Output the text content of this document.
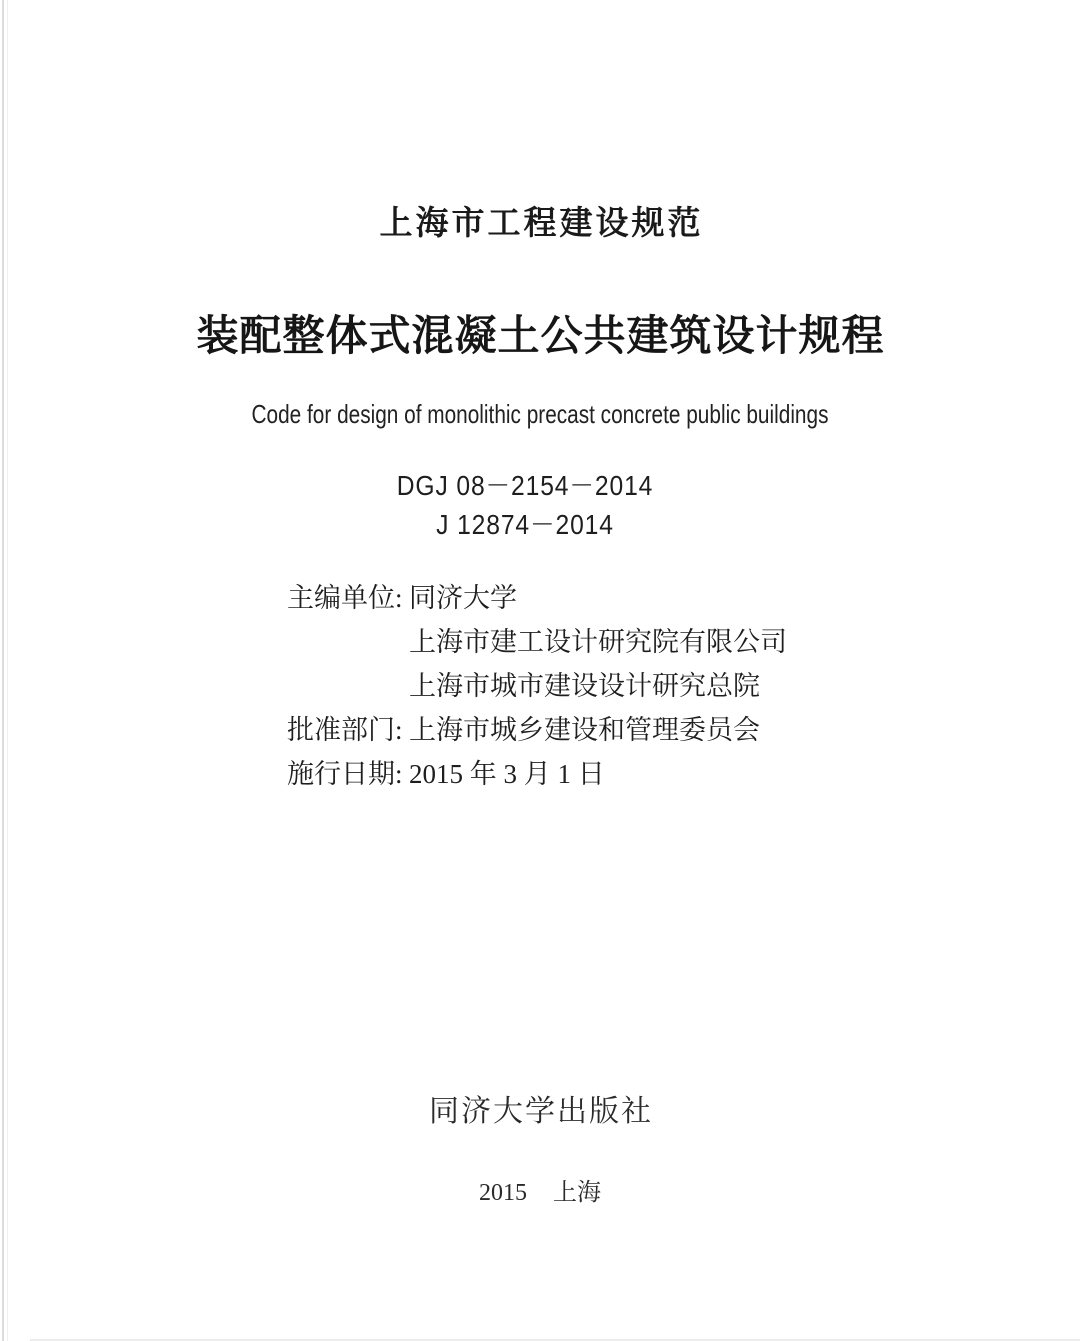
上海市工程建设规范
装配整体式混凝土公共建筑设计规程
Code for design of monolithic precast concrete public buildings
DGJ 08－2154－2014
J 12874－2014
主编单位: 同济大学
上海市建工设计研究院有限公司
上海市城市建设设计研究总院
批准部门: 上海市城乡建设和管理委员会
施行日期: 2015 年 3 月 1 日
同济大学出版社
2015 上海
